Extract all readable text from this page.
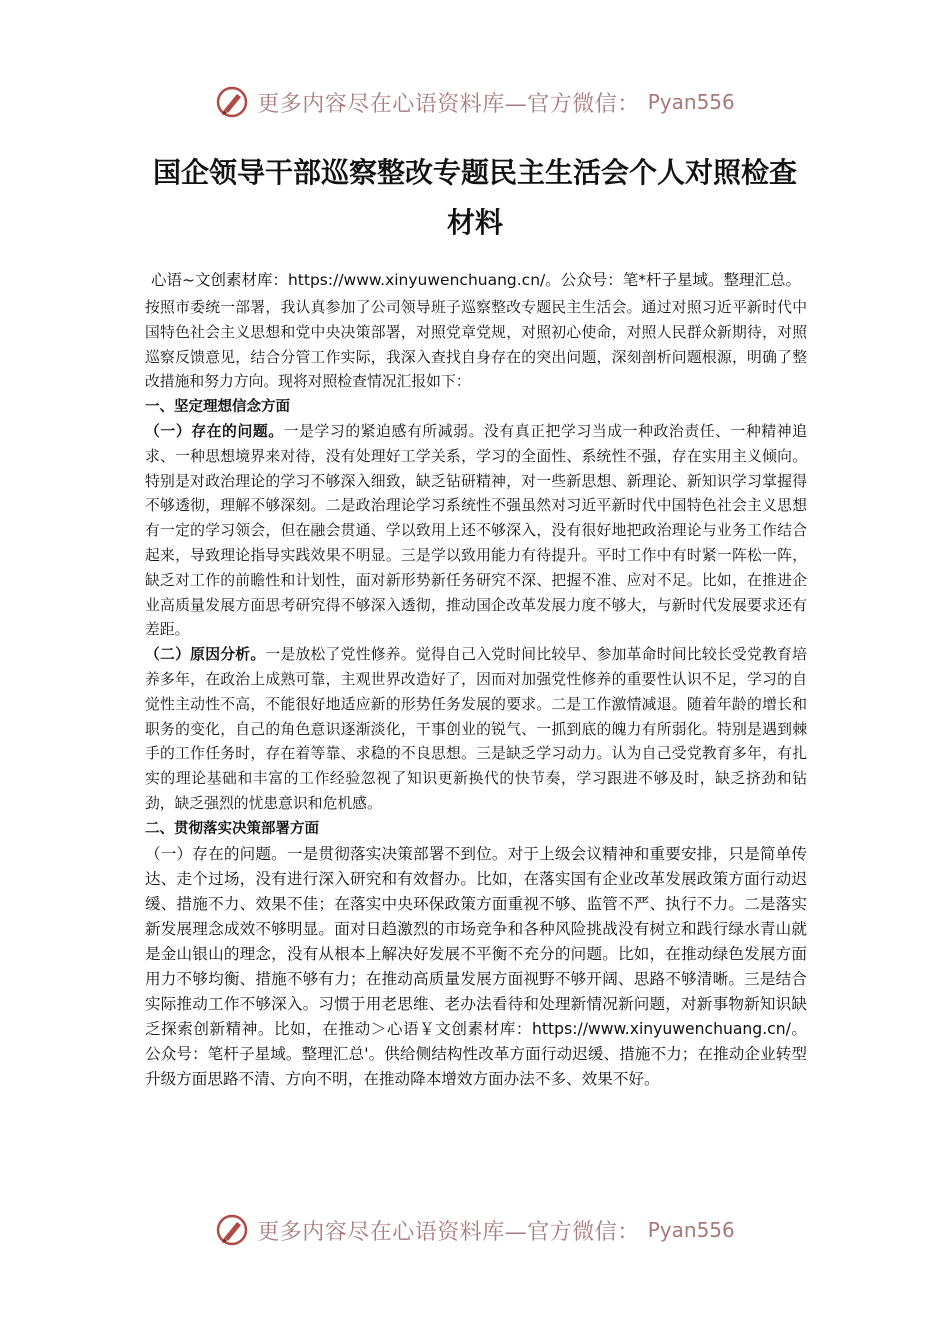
更多内容尽在心语资料库—官方微信： Pyan556
国企领导干部巡察整改专题民主生活会个人对照检查材料

心语~文创素材库：https://www.xinyuwenchuang.cn/。公众号：笔*杆子星域。整理汇总。

按照市委统一部署，我认真参加了公司领导班子巡察整改专题民主生活会。通过对照习近平新时代中国特色社会主义思想和党中央决策部署，对照党章党规，对照初心使命，对照人民群众新期待，对照巡察反馈意见，结合分管工作实际，我深入查找自身存在的突出问题，深刻剖析问题根源，明确了整改措施和努力方向。现将对照检查情况汇报如下：

一、坚定理想信念方面

（一）存在的问题。一是学习的紧迫感有所减弱。没有真正把学习当成一种政治责任、一种精神追求、一种思想境界来对待，没有处理好工学关系，学习的全面性、系统性不强，存在实用主义倾向。特别是对政治理论的学习不够深入细致，缺乏钻研精神，对一些新思想、新理论、新知识学习掌握得不够透彻，理解不够深刻。二是政治理论学习系统性不强虽然对习近平新时代中国特色社会主义思想有一定的学习领会，但在融会贯通、学以致用上还不够深入，没有很好地把政治理论与业务工作结合起来，导致理论指导实践效果不明显。三是学以致用能力有待提升。平时工作中有时紧一阵松一阵，缺乏对工作的前瞻性和计划性，面对新形势新任务研究不深、把握不准、应对不足。比如，在推进企业高质量发展方面思考研究得不够深入透彻，推动国企改革发展力度不够大，与新时代发展要求还有差距。

（二）原因分析。一是放松了党性修养。觉得自己入党时间比较早、参加革命时间比较长受党教育培养多年，在政治上成熟可靠，主观世界改造好了，因而对加强党性修养的重要性认识不足，学习的自觉性主动性不高，不能很好地适应新的形势任务发展的要求。二是工作激情减退。随着年龄的增长和职务的变化，自己的角色意识逐渐淡化，干事创业的锐气、一抓到底的魄力有所弱化。特别是遇到棘手的工作任务时，存在着等靠、求稳的不良思想。三是缺乏学习动力。认为自己受党教育多年，有扎实的理论基础和丰富的工作经验忽视了知识更新换代的快节奏，学习跟进不够及时，缺乏挤劲和钻劲，缺乏强烈的忧患意识和危机感。

二、贯彻落实决策部署方面

（一）存在的问题。一是贯彻落实决策部署不到位。对于上级会议精神和重要安排，只是简单传达、走个过场，没有进行深入研究和有效督办。比如，在落实国有企业改革发展政策方面行动迟缓、措施不力、效果不佳；在落实中央环保政策方面重视不够、监管不严、执行不力。二是落实新发展理念成效不够明显。面对日趋激烈的市场竞争和各种风险挑战没有树立和践行绿水青山就是金山银山的理念，没有从根本上解决好发展不平衡不充分的问题。比如，在推动绿色发展方面用力不够均衡、措施不够有力；在推动高质量发展方面视野不够开阔、思路不够清晰。三是结合实际推动工作不够深入。习惯于用老思维、老办法看待和处理新情况新问题，对新事物新知识缺乏探索创新精神。比如，在推动＞心语￥文创素材库：https://www.xinyuwenchuang.cn/。公众号：笔杆子星域。整理汇总'。供给侧结构性改革方面行动迟缓、措施不力；在推动企业转型升级方面思路不清、方向不明，在推动降本增效方面办法不多、效果不好。

更多内容尽在心语资料库—官方微信： Pyan556
